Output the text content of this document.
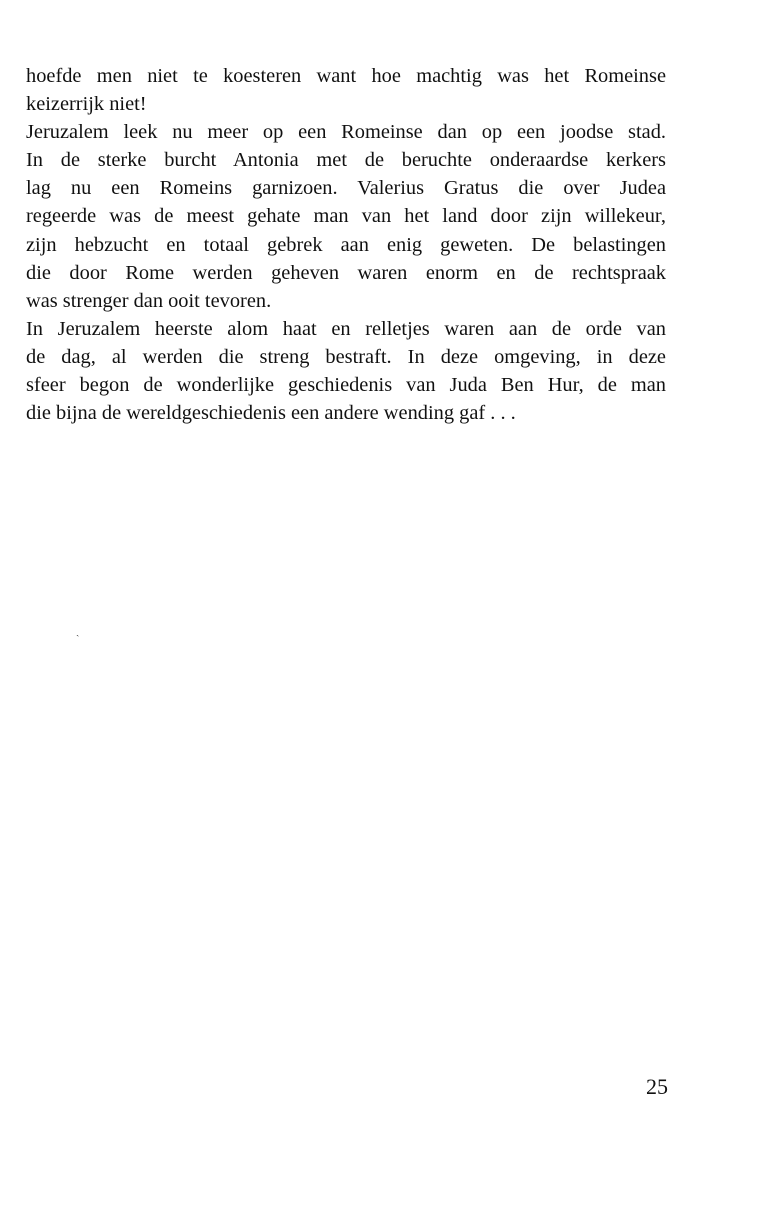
hoefde men niet te koesteren want hoe machtig was het Romeinse
keizerrijk niet!
Jeruzalem leek nu meer op een Romeinse dan op een joodse stad.
In de sterke burcht Antonia met de beruchte onderaardse kerkers
lag nu een Romeins garnizoen. Valerius Gratus die over Judea
regeerde was de meest gehate man van het land door zijn willekeur,
zijn hebzucht en totaal gebrek aan enig geweten. De belastingen
die door Rome werden geheven waren enorm en de rechtspraak
was strenger dan ooit tevoren.
In Jeruzalem heerste alom haat en relletjes waren aan de orde van
de dag, al werden die streng bestraft. In deze omgeving, in deze
sfeer begon de wonderlijke geschiedenis van Juda Ben Hur, de man
die bijna de wereldgeschiedenis een andere wending gaf . . .
ˎ
25
